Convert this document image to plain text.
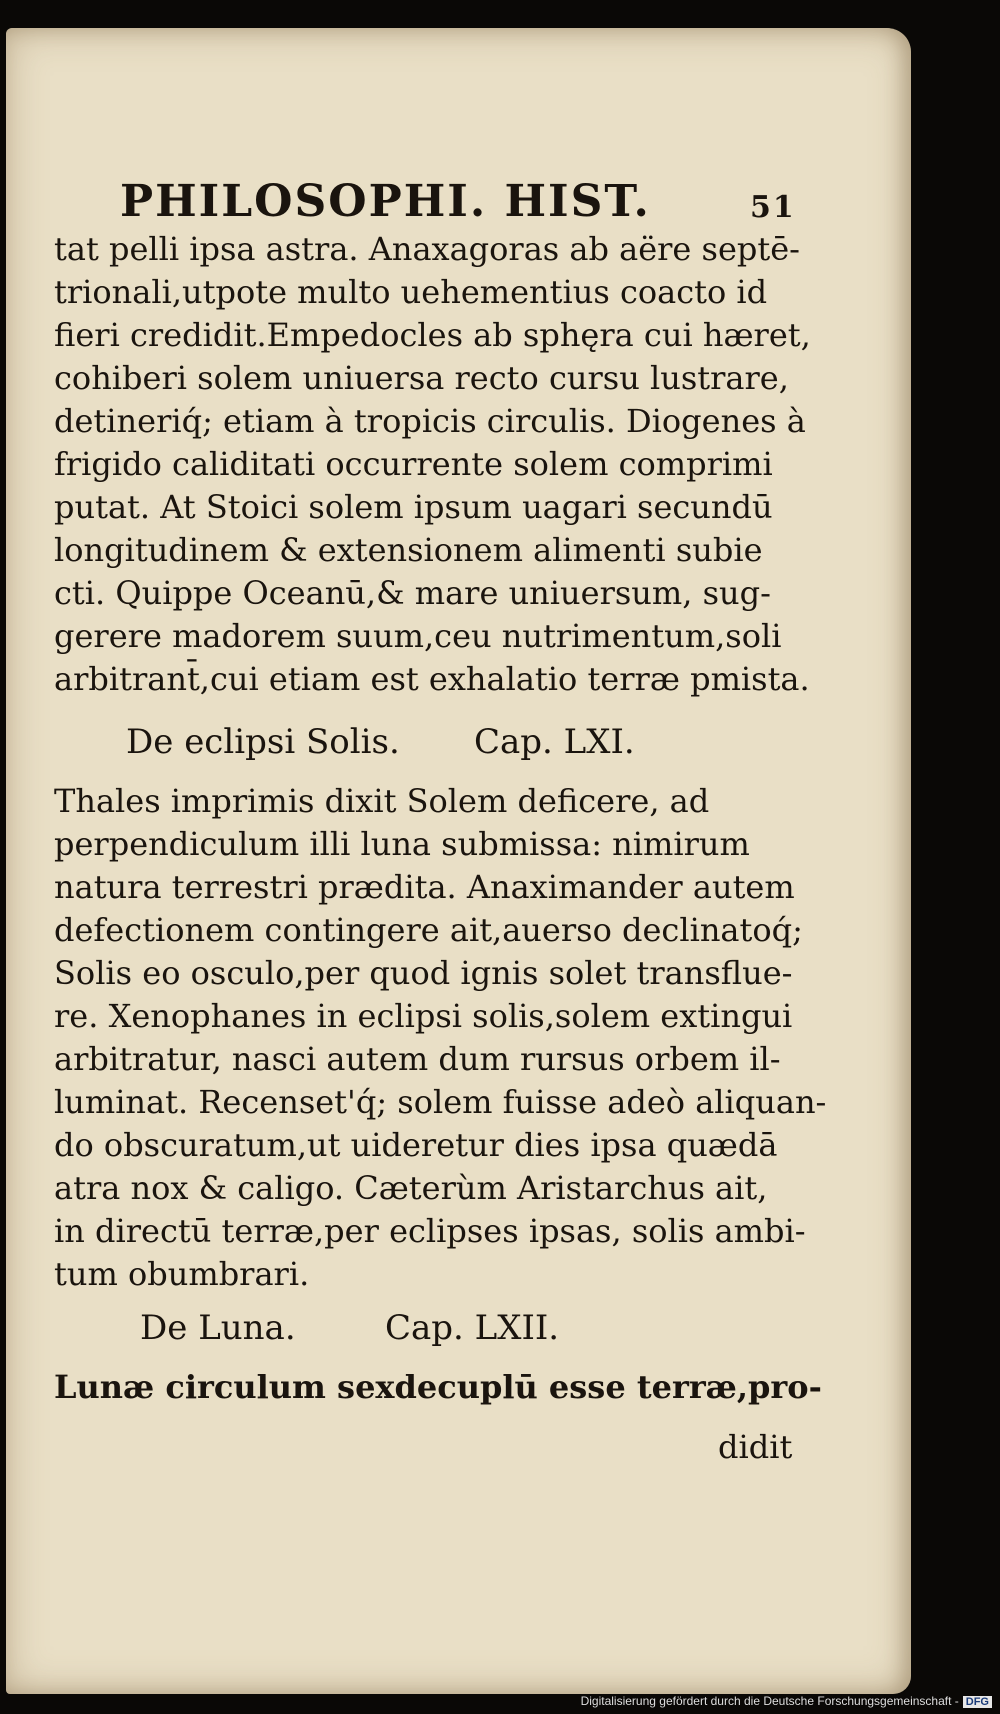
PHILOSOPHI. HIST.	51
tat pelli ipsa astra. Anaxagoras ab aëre septē-
trionali,utpote multo uehementius coacto id
fieri credidit.Empedocles ab sphęra cui hæret,
cohiberi solem uniuersa recto cursu lustrare,
detineriq́; etiam à tropicis circulis. Diogenes à
frigido caliditati occurrente solem comprimi
putat. At Stoici solem ipsum uagari secundū
longitudinem & extensionem alimenti subie
cti. Quippe Oceanū,& mare uniuersum, sug-
gerere madorem suum,ceu nutrimentum,soli
arbitrant̄,cui etiam est exhalatio terræ pmista.
De eclipsi Solis. Cap. LXI.
Thales imprimis dixit Solem deficere, ad
perpendiculum illi luna submissa: nimirum
natura terrestri prædita. Anaximander autem
defectionem contingere ait,auerso declinatoq́;
Solis eo osculo,per quod ignis solet transflue-
re. Xenophanes in eclipsi solis,solem extingui
arbitratur, nasci autem dum rursus orbem il-
luminat. Recenset'q́; solem fuisse adeò aliquan-
do obscuratum,ut uideretur dies ipsa quædā
atra nox & caligo. Cæterùm Aristarchus ait,
in directū terræ,per eclipses ipsas, solis ambi-
tum obumbrari.
De Luna.	Cap. LXII.
Lunæ circulum sexdecuplū esse terræ,pro-
didit
Digitalisierung gefördert durch die Deutsche Forschungsgemeinschaft - DFG
